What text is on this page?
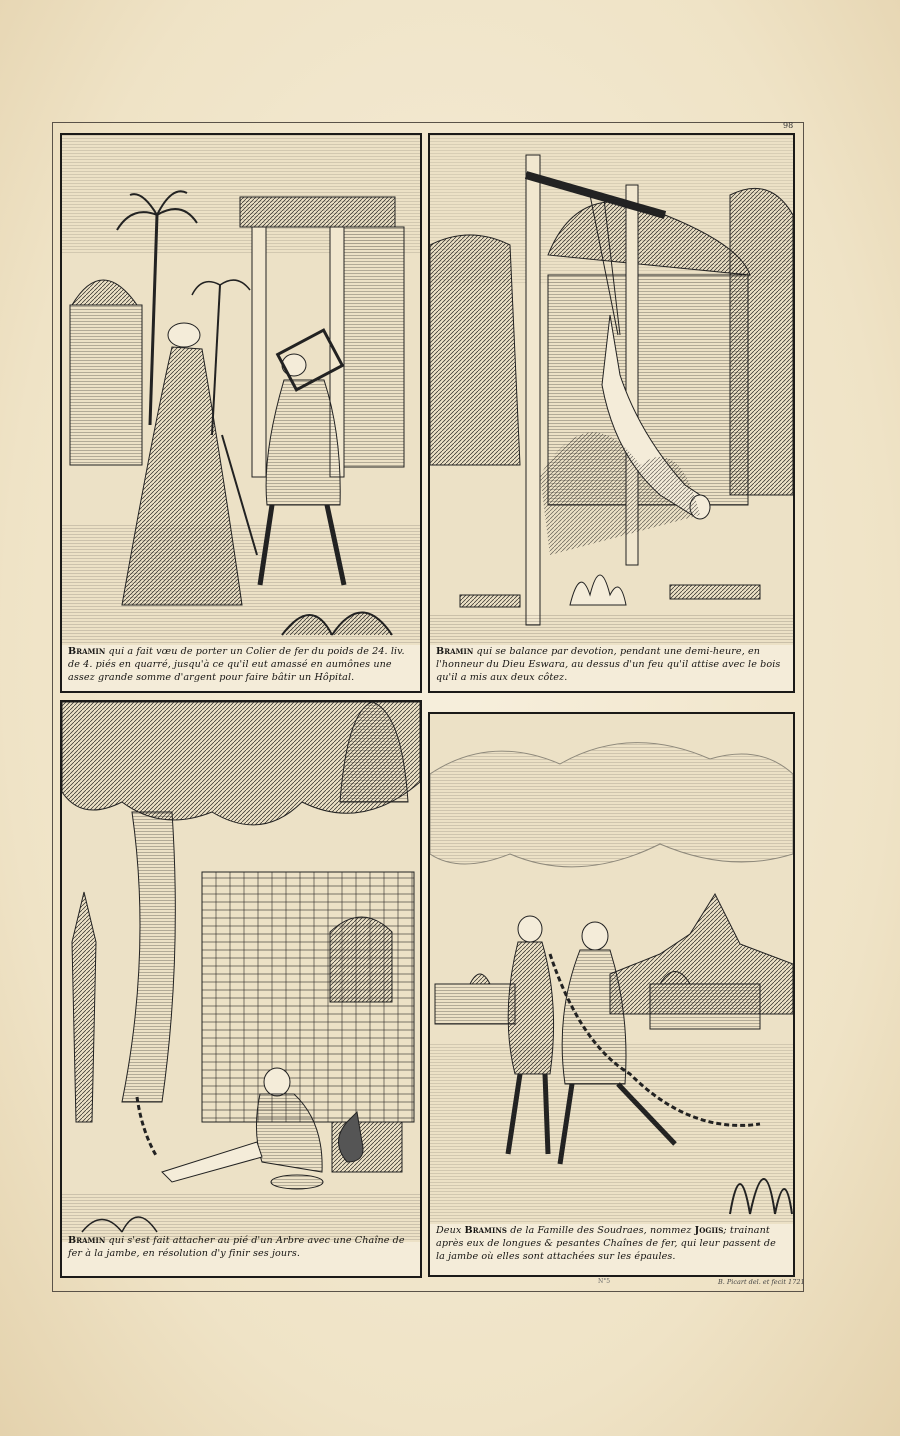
98
Bramin qui a fait vœu de porter un Colier de fer du poids de 24. liv. de 4. piés en quarré, jusqu'à ce qu'il eut amassé en aumônes une assez grande somme d'argent pour faire bâtir un Hôpital.
Bramin qui se balance par devotion, pendant une demi-heure, en l'honneur du Dieu Eswara, au dessus d'un feu qu'il attise avec le bois qu'il a mis aux deux côtez.
Bramin qui s'est fait attacher au pié d'un Arbre avec une Chaîne de fer à la jambe, en résolution d'y finir ses jours.
Deux Bramins de la Famille des Soudraes, nommez Jogiis; trainant après eux de longues & pesantes Chaînes de fer, qui leur passent de la jambe où elles sont attachées sur les épaules.
N°5	B. Picart del. et fecit 1721
